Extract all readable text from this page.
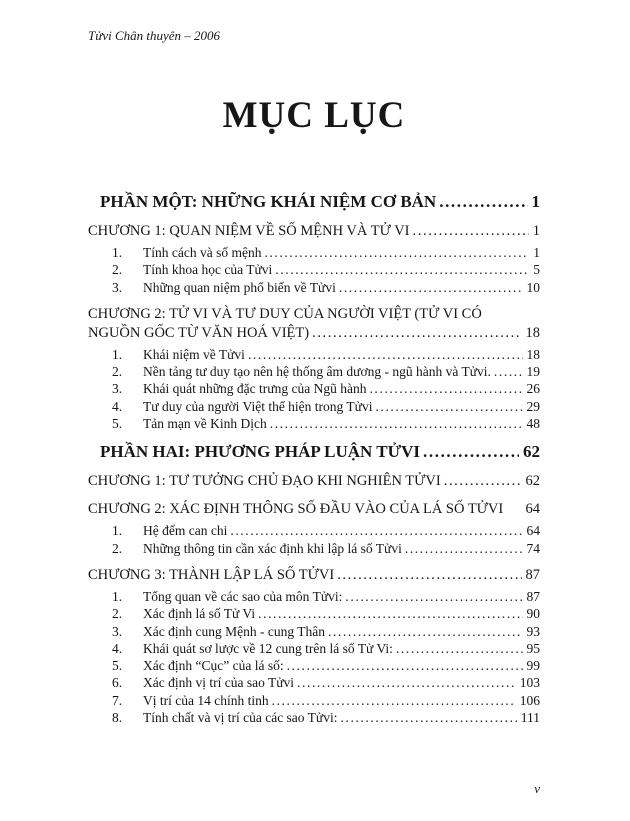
Tửvi Chân thuyên – 2006
MỤC LỤC
PHẦN MỘT: NHỮNG KHÁI NIỆM CƠ BẢN .....	1
CHƯƠNG 1: QUAN NIỆM VỀ SỐ MỆNH VÀ TỬ VI .....	1
1.	Tính cách và số mệnh .....	1
2.	Tính khoa học của Tửvi .....	5
3.	Những quan niệm phổ biến về Tửvi .....	10
CHƯƠNG 2: TỬ VI VÀ TƯ DUY CỦA NGƯỜI VIỆT (TỬ VI CÓ
NGUỒN GỐC TỪ VĂN HOÁ VIỆT) .....	18
1.	Khái niệm về Tửvi .....	18
2.	Nền tảng tư duy tạo nên hệ thống âm dương - ngũ hành và Tửvi. .....	19
3.	Khái quát những đặc trưng của Ngũ hành .....	26
4.	Tư duy của người Việt thể hiện trong Tửvi .....	29
5.	Tản mạn về Kinh Dịch .....	48
PHẦN HAI: PHƯƠNG PHÁP LUẬN TỬVI .....	62
CHƯƠNG 1: TƯ TƯỞNG CHỦ ĐẠO KHI NGHIÊN TỬVI .....	62
CHƯƠNG 2: XÁC ĐỊNH THÔNG SỐ ĐẦU VÀO CỦA LÁ SỐ TỬVI 64
1.	Hệ đếm can chi .....	64
2.	Những thông tin cần xác định khi lập lá số Tửvi .....	74
CHƯƠNG 3: THÀNH LẬP LÁ SỐ TỬVI .....	87
1.	Tổng quan về các sao của môn Tửvi: .....	87
2.	Xác định lá số Tử Vi .....	90
3.	Xác định cung Mệnh - cung Thân .....	93
4.	Khái quát sơ lược về 12 cung trên lá số Tử Vi: .....	95
5.	Xác định “Cục” của lá số: .....	99
6.	Xác định vị trí của sao Tửvi .....	103
7.	Vị trí của 14 chính tinh .....	106
8.	Tính chất và vị trí của các sao Tửvi: .....	111
v
